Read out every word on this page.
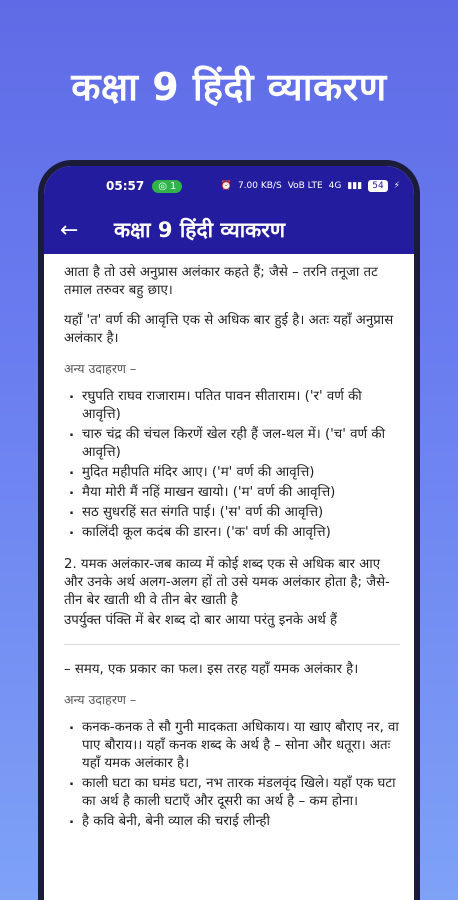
कक्षा 9 हिंदी व्याकरण
05:57 ◎ 1	⏰ 7.00 KB/S VoB LTE 4G ▮▮▮	54	⚡
←	कक्षा 9 हिंदी व्याकरण

आता है तो उसे अनुप्रास अलंकार कहते हैं; जैसे – तरनि तनूजा तट तमाल तरुवर बहु छाए।

यहाँ 'त' वर्ण की आवृत्ति एक से अधिक बार हुई है। अतः यहाँ अनुप्रास अलंकार है।

अन्य उदाहरण –
. रघुपति राघव राजाराम। पतित पावन सीताराम। ('र' वर्ण की आवृत्ति)
. चारु चंद्र की चंचल किरणें खेल रही हैं जल-थल में। ('च' वर्ण की आवृत्ति)
. मुदित महीपति मंदिर आए। ('म' वर्ण की आवृत्ति)
. मैया मोरी मैं नहिं माखन खायो। ('म' वर्ण की आवृत्ति)
. सठ सुधरहिं सत संगति पाई। ('स' वर्ण की आवृत्ति)
. कालिंदी कूल कदंब की डारन। ('क' वर्ण की आवृत्ति)

2. यमक अलंकार-जब काव्य में कोई शब्द एक से अधिक बार आए और उनके अर्थ अलग-अलग हों तो उसे यमक अलंकार होता है; जैसे- तीन बेर खाती थी वे तीन बेर खाती है

उपर्युक्त पंक्ति में बेर शब्द दो बार आया परंतु इनके अर्थ हैं

– समय, एक प्रकार का फल। इस तरह यहाँ यमक अलंकार है।

अन्य उदाहरण –
. कनक-कनक ते सौ गुनी मादकता अधिकाय। या खाए बौराए नर, वा पाए बौराय।। यहाँ कनक शब्द के अर्थ है – सोना और धतूरा। अतः यहाँ यमक अलंकार है।
. काली घटा का घमंड घटा, नभ तारक मंडलवृंद खिले। यहाँ एक घटा का अर्थ है काली घटाएँ और दूसरी का अर्थ है – कम होना।
. है कवि बेनी, बेनी व्याल की चराई लीन्ही
